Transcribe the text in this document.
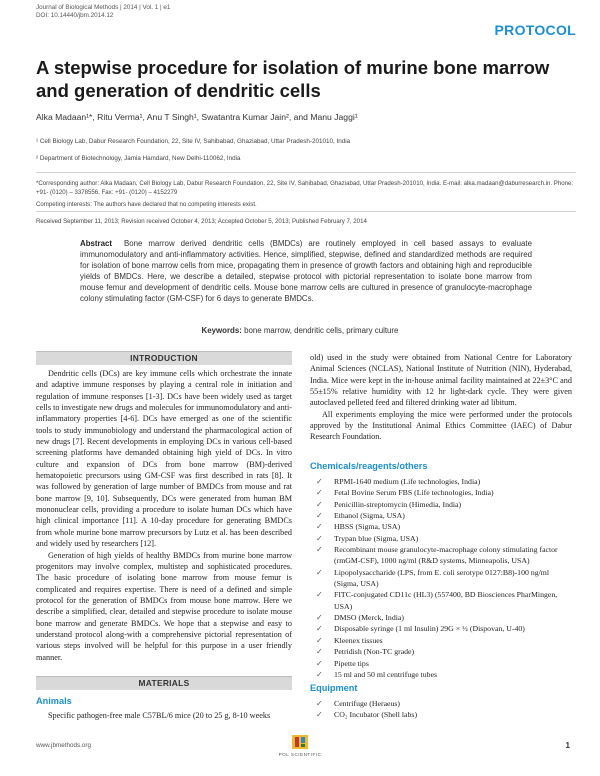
Journal of Biological Methods | 2014 | Vol. 1 | e1
DOI: 10.14440/jbm.2014.12
PROTOCOL
A stepwise procedure for isolation of murine bone marrow and generation of dendritic cells
Alka Madaan¹*, Ritu Verma¹, Anu T Singh¹, Swatantra Kumar Jain², and Manu Jaggi¹
¹ Cell Biology Lab, Dabur Research Foundation, 22, Site IV, Sahibabad, Ghaziabad, Uttar Pradesh-201010, India
² Department of Biotechnology, Jamia Hamdard, New Delhi-110062, India
*Corresponding author: Alka Madaan, Cell Biology Lab, Dabur Research Foundation, 22, Site IV, Sahibabad, Ghaziabad, Uttar Pradesh-201010, India. E-mail: alka.madaan@daburresearch.in. Phone: +91- (0120) – 3378556, Fax: +91- (0120) – 4152279
Competing interests: The authors have declared that no competing interests exist.
Received September 11, 2013; Revision received October 4, 2013; Accepted October 5, 2013; Published February 7, 2014
Abstract Bone marrow derived dendritic cells (BMDCs) are routinely employed in cell based assays to evaluate immunomodulatory and anti-inflammatory activities. Hence, simplified, stepwise, defined and standardized methods are required for isolation of bone marrow cells from mice, propagating them in presence of growth factors and obtaining high and reproducible yields of BMDCs. Here, we describe a detailed, stepwise protocol with pictorial representation to isolate bone marrow from mouse femur and development of dendritic cells. Mouse bone marrow cells are cultured in presence of granulocyte-macrophage colony stimulating factor (GM-CSF) for 6 days to generate BMDCs.
Keywords: bone marrow, dendritic cells, primary culture
INTRODUCTION

Dendritic cells (DCs) are key immune cells which orchestrate the innate and adaptive immune responses by playing a central role in initiation and regulation of immune responses [1-3]. DCs have been widely used as target cells to investigate new drugs and molecules for immunomodulatory and anti-inflammatory properties [4-6]. DCs have emerged as one of the scientific tools to study immunobiology and understand the pharmacological action of new drugs [7]. Recent developments in employing DCs in various cell-based screening platforms have demanded obtaining high yield of DCs. In vitro culture and expansion of DCs from bone marrow (BM)-derived hematopoietic precursors using GM-CSF was first described in rats [8]. It was followed by generation of large number of BMDCs from mouse and rat bone marrow [9, 10]. Subsequently, DCs were generated from human BM mononuclear cells, providing a procedure to isolate human DCs which have high clinical importance [11]. A 10-day procedure for generating BMDCs from whole murine bone marrow precursors by Lutz et al. has been described and widely used by researchers [12].

Generation of high yields of healthy BMDCs from murine bone marrow progenitors may involve complex, multistep and sophisticated procedures. The basic procedure of isolating bone marrow from mouse femur is complicated and requires expertise. There is need of a defined and simple protocol for the generation of BMDCs from mouse bone marrow. Here we describe a simplified, clear, detailed and stepwise procedure to isolate mouse bone marrow and generate BMDCs. We hope that a stepwise and easy to understand protocol along-with a comprehensive pictorial representation of various steps involved will be helpful for this purpose in a user friendly manner.

MATERIALS
Animals

Specific pathogen-free male C57BL/6 mice (20 to 25 g, 8-10 weeks

old) used in the study were obtained from National Centre for Laboratory Animal Sciences (NCLAS), National Institute of Nutrition (NIN), Hyderabad, India. Mice were kept in the in-house animal facility maintained at 22±3°C and 55±15% relative humidity with 12 hr light-dark cycle. They were given autoclaved pelleted feed and filtered drinking water ad libitum.

All experiments employing the mice were performed under the protocols approved by the Institutional Animal Ethics Committee (IAEC) of Dabur Research Foundation.

Chemicals/reagents/others
✓ RPMI-1640 medium (Life technologies, India)
✓ Fetal Bovine Serum FBS (Life technologies, India)
✓ Penicillin-streptomycin (Himedia, India)
✓ Ethanol (Sigma, USA)
✓ HBSS (Sigma, USA)
✓ Trypan blue (Sigma, USA)
✓ Recombinant mouse granulocyte-macrophage colony stimulating factor (rmGM-CSF), 1000 ng/ml (R&D systems, Minneapolis, USA)
✓ Lipopolysaccharide (LPS, from E. coli serotype 0127:B8)-100 ng/ml (Sigma, USA)
✓ FITC-conjugated CD11c (HL3) (557400, BD Biosciences PharMingen, USA)
✓ DMSO (Merck, India)
✓ Disposable syringe (1 ml Insulin) 29G × ½ (Dispovan, U-40)
✓ Kleenex tissues
✓ Petridish (Non-TC grade)
✓ Pipette tips
✓ 15 ml and 50 ml centrifuge tubes
Equipment
✓ Centrifuge (Heraeus)
✓ CO₂ Incubator (Shell labs)
www.jbmethods.org
POL SCIENTIFIC
1
